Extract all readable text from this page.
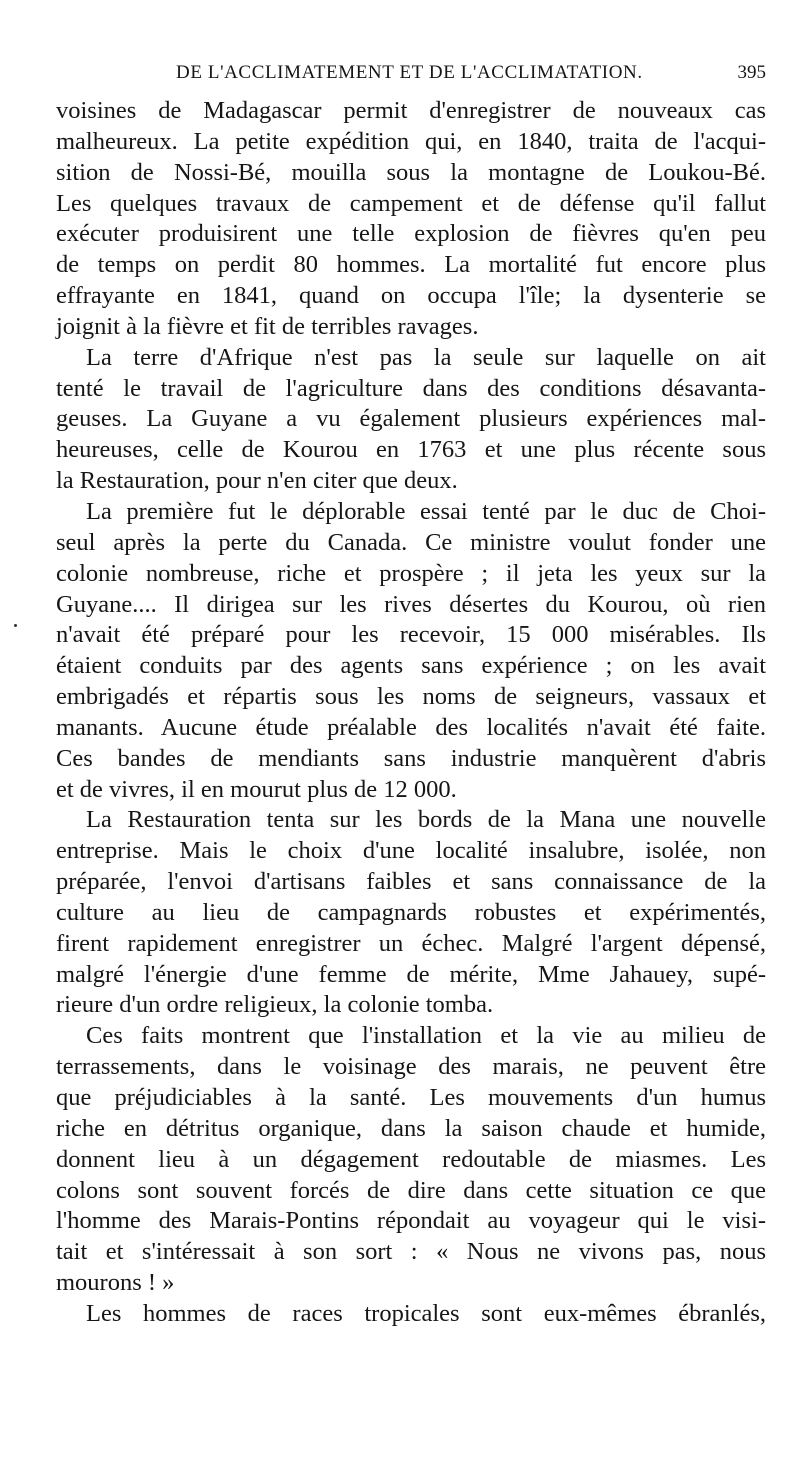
DE L'ACCLIMATEMENT ET DE L'ACCLIMATATION.	395
voisines de Madagascar permit d'enregistrer de nouveaux cas
malheureux. La petite expédition qui, en 1840, traita de l'acqui-
sition de Nossi-Bé, mouilla sous la montagne de Loukou-Bé.
Les quelques travaux de campement et de défense qu'il fallut
exécuter produisirent une telle explosion de fièvres qu'en peu
de temps on perdit 80 hommes. La mortalité fut encore plus
effrayante en 1841, quand on occupa l'île; la dysenterie se
joignit à la fièvre et fit de terribles ravages.
La terre d'Afrique n'est pas la seule sur laquelle on ait
tenté le travail de l'agriculture dans des conditions désavanta-
geuses. La Guyane a vu également plusieurs expériences mal-
heureuses, celle de Kourou en 1763 et une plus récente sous
la Restauration, pour n'en citer que deux.
La première fut le déplorable essai tenté par le duc de Choi-
seul après la perte du Canada. Ce ministre voulut fonder une
colonie nombreuse, riche et prospère ; il jeta les yeux sur la
Guyane.... Il dirigea sur les rives désertes du Kourou, où rien
n'avait été préparé pour les recevoir, 15 000 misérables. Ils
étaient conduits par des agents sans expérience ; on les avait
embrigadés et répartis sous les noms de seigneurs, vassaux et
manants. Aucune étude préalable des localités n'avait été faite.
Ces bandes de mendiants sans industrie manquèrent d'abris
et de vivres, il en mourut plus de 12 000.
La Restauration tenta sur les bords de la Mana une nouvelle
entreprise. Mais le choix d'une localité insalubre, isolée, non
préparée, l'envoi d'artisans faibles et sans connaissance de la
culture au lieu de campagnards robustes et expérimentés,
firent rapidement enregistrer un échec. Malgré l'argent dépensé,
malgré l'énergie d'une femme de mérite, Mme Jahauey, supé-
rieure d'un ordre religieux, la colonie tomba.
Ces faits montrent que l'installation et la vie au milieu de
terrassements, dans le voisinage des marais, ne peuvent être
que préjudiciables à la santé. Les mouvements d'un humus
riche en détritus organique, dans la saison chaude et humide,
donnent lieu à un dégagement redoutable de miasmes. Les
colons sont souvent forcés de dire dans cette situation ce que
l'homme des Marais-Pontins répondait au voyageur qui le visi-
tait et s'intéressait à son sort : « Nous ne vivons pas, nous
mourons ! »
Les hommes de races tropicales sont eux-mêmes ébranlés,
